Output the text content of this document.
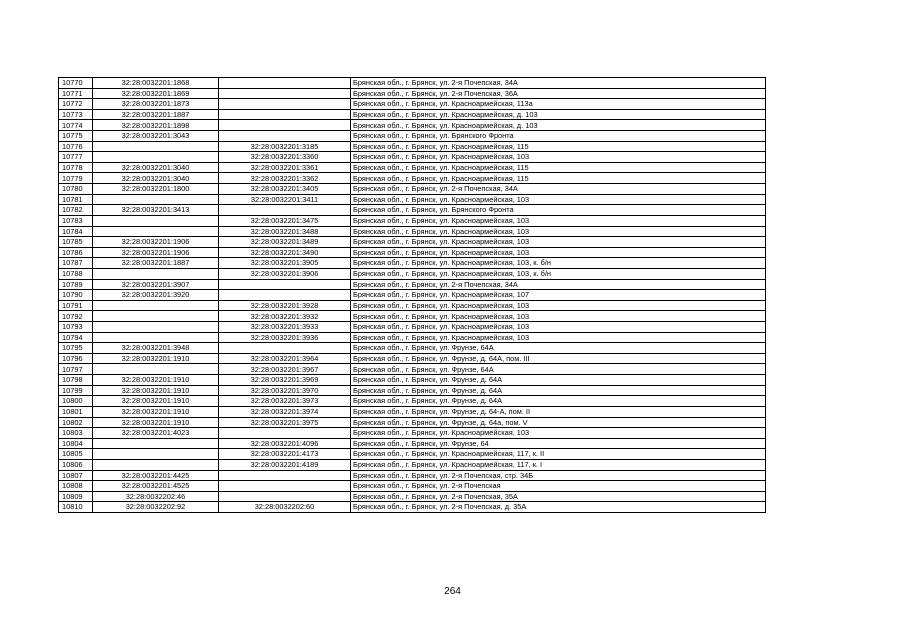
10770	32:28:0032201:1868		Брянская обл., г. Брянск, ул. 2-я Почепская, 34А
10771	32:28:0032201:1869		Брянская обл., г. Брянск, ул. 2-я Почепская, 36А
10772	32:28:0032201:1873		Брянская обл., г. Брянск, ул. Красноармейская, 113а
10773	32:28:0032201:1887		Брянская обл., г. Брянск, ул. Красноармейская, д. 103
10774	32:28:0032201:1898		Брянская обл., г. Брянск, ул. Красноармейская, д. 103
10775	32:28:0032201:3043		Брянская обл., г. Брянск, ул. Брянского Фронта
10776		32:28:0032201:3185	Брянская обл., г. Брянск, ул. Красноармейская, 115
10777		32:28:0032201:3360	Брянская обл., г. Брянск, ул. Красноармейская, 103
10778	32:28:0032201:3040	32:28:0032201:3361	Брянская обл., г. Брянск, ул. Красноармейская, 115
10779	32:28:0032201:3040	32:28:0032201:3362	Брянская обл., г. Брянск, ул. Красноармейская, 115
10780	32:28:0032201:1800	32:28:0032201:3405	Брянская обл., г. Брянск, ул. 2-я Почепская, 34А
10781		32:28:0032201:3411	Брянская обл., г. Брянск, ул. Красноармейская, 103
10782	32:28:0032201:3413		Брянская обл., г. Брянск, ул. Брянского Фронта
10783		32:28:0032201:3475	Брянская обл., г. Брянск, ул. Красноармейская, 103
10784		32:28:0032201:3488	Брянская обл., г. Брянск, ул. Красноармейская, 103
10785	32:28:0032201:1906	32:28:0032201:3489	Брянская обл., г. Брянск, ул. Красноармейская, 103
10786	32:28:0032201:1906	32:28:0032201:3490	Брянская обл., г. Брянск, ул. Красноармейская, 103
10787	32:28:0032201:1887	32:28:0032201:3905	Брянская обл., г. Брянск, ул. Красноармейская, 103, к. б/н
10788		32:28:0032201:3906	Брянская обл., г. Брянск, ул. Красноармейская, 103, к. б/н
10789	32:28:0032201:3907		Брянская обл., г. Брянск, ул. 2-я Почепская, 34А
10790	32:28:0032201:3920		Брянская обл., г. Брянск, ул. Красноармейская, 107
10791		32:28:0032201:3928	Брянская обл., г. Брянск, ул. Красноармейская, 103
10792		32:28:0032201:3932	Брянская обл., г. Брянск, ул. Красноармейская, 103
10793		32:28:0032201:3933	Брянская обл., г. Брянск, ул. Красноармейская, 103
10794		32:28:0032201:3936	Брянская обл., г. Брянск, ул. Красноармейская, 103
10795	32:28:0032201:3948		Брянская обл., г. Брянск, ул. Фрунзе, 64А
10796	32:28:0032201:1910	32:28:0032201:3964	Брянская обл., г. Брянск, ул. Фрунзе, д. 64А, пом. III
10797		32:28:0032201:3967	Брянская обл., г. Брянск, ул. Фрунзе, 64А
10798	32:28:0032201:1910	32:28:0032201:3969	Брянская обл., г. Брянск, ул. Фрунзе, д. 64А
10799	32:28:0032201:1910	32:28:0032201:3970	Брянская обл., г. Брянск, ул. Фрунзе, д. 64А
10800	32:28:0032201:1910	32:28:0032201:3973	Брянская обл., г. Брянск, ул. Фрунзе, д. 64А
10801	32:28:0032201:1910	32:28:0032201:3974	Брянская обл., г. Брянск, ул. Фрунзе, д. 64-А, пом. II
10802	32:28:0032201:1910	32:28:0032201:3975	Брянская обл., г. Брянск, ул. Фрунзе, д. 64а, пом. V
10803	32:28:0032201:4023		Брянская обл., г. Брянск, ул. Красноармейская, 103
10804		32:28:0032201:4096	Брянская обл., г. Брянск, ул. Фрунзе, 64
10805		32:28:0032201:4173	Брянская обл., г. Брянск, ул. Красноармейская, 117, к. II
10806		32:28:0032201:4189	Брянская обл., г. Брянск, ул. Красноармейская, 117, к. I
10807	32:28:0032201:4425		Брянская обл., г. Брянск, ул. 2-я Почепская, стр. 34Б
10808	32:28:0032201:4525		Брянская обл., г. Брянск, ул. 2-я Почепская
10809	32:28:0032202:46		Брянская обл., г. Брянск, ул. 2-я Почепская, 35А
10810	32:28:0032202:92	32:28:0032202:60	Брянская обл., г. Брянск, ул. 2-я Почепская, д. 35А
264
